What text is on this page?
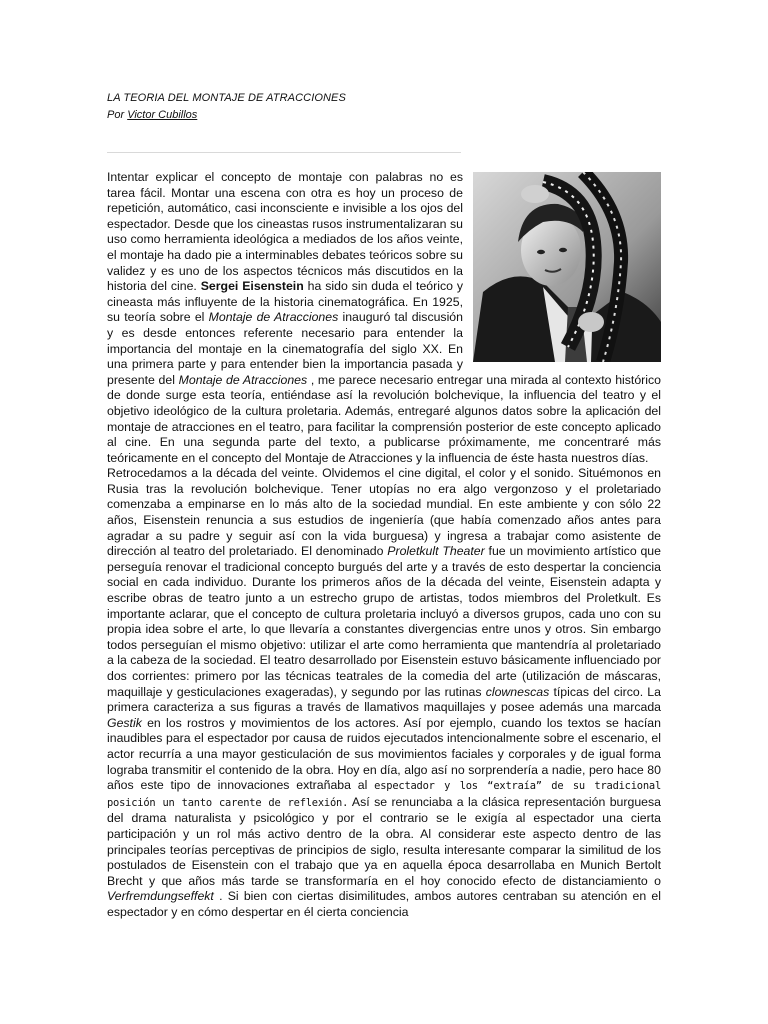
LA TEORIA DEL MONTAJE DE ATRACCIONES
Por Victor Cubillos

Intentar explicar el concepto de montaje con palabras no es tarea fácil. Montar una escena con otra es hoy un proceso de repetición, automático, casi inconsciente e invisible a los ojos del espectador. Desde que los cineastas rusos instrumentalizaran su uso como herramienta ideológica a mediados de los años veinte, el montaje ha dado pie a interminables debates teóricos sobre su validez y es uno de los aspectos técnicos más discutidos en la historia del cine. Sergei Eisenstein ha sido sin duda el teórico y cineasta más influyente de la historia cinematográfica. En 1925, su teoría sobre el Montaje de Atracciones inauguró tal discusión y es desde entonces referente necesario para entender la importancia del montaje en la cinematografía del siglo XX. En una primera parte y para entender bien la importancia pasada y presente del Montaje de Atracciones , me parece necesario entregar una mirada al contexto histórico de donde surge esta teoría, entiéndase así la revolución bolchevique, la influencia del teatro y el objetivo ideológico de la cultura proletaria. Además, entregaré algunos datos sobre la aplicación del montaje de atracciones en el teatro, para facilitar la comprensión posterior de este concepto aplicado al cine. En una segunda parte del texto, a publicarse próximamente, me concentraré más teóricamente en el concepto del Montaje de Atracciones y la influencia de éste hasta nuestros días.

Retrocedamos a la década del veinte. Olvidemos el cine digital, el color y el sonido. Situémonos en Rusia tras la revolución bolchevique. Tener utopías no era algo vergonzoso y el proletariado comenzaba a empinarse en lo más alto de la sociedad mundial. En este ambiente y con sólo 22 años, Eisenstein renuncia a sus estudios de ingeniería (que había comenzado años antes para agradar a su padre y seguir así con la vida burguesa) y ingresa a trabajar como asistente de dirección al teatro del proletariado. El denominado Proletkult Theater fue un movimiento artístico que perseguía renovar el tradicional concepto burgués del arte y a través de esto despertar la conciencia social en cada individuo. Durante los primeros años de la década del veinte, Eisenstein adapta y escribe obras de teatro junto a un estrecho grupo de artistas, todos miembros del Proletkult. Es importante aclarar, que el concepto de cultura proletaria incluyó a diversos grupos, cada uno con su propia idea sobre el arte, lo que llevaría a constantes divergencias entre unos y otros. Sin embargo todos perseguían el mismo objetivo: utilizar el arte como herramienta que mantendría al proletariado a la cabeza de la sociedad. El teatro desarrollado por Eisenstein estuvo básicamente influenciado por dos corrientes: primero por las técnicas teatrales de la comedia del arte (utilización de máscaras, maquillaje y gesticulaciones exageradas), y segundo por las rutinas clownescas típicas del circo. La primera caracteriza a sus figuras a través de llamativos maquillajes y posee además una marcada Gestik en los rostros y movimientos de los actores. Así por ejemplo, cuando los textos se hacían inaudibles para el espectador por causa de ruidos ejecutados intencionalmente sobre el escenario, el actor recurría a una mayor gesticulación de sus movimientos faciales y corporales y de igual forma lograba transmitir el contenido de la obra. Hoy en día, algo así no sorprendería a nadie, pero hace 80 años este tipo de innovaciones extrañaba al espectador y los “extraía” de su tradicional posición un tanto carente de reflexión. Así se renunciaba a la clásica representación burguesa del drama naturalista y psicológico y por el contrario se le exigía al espectador una cierta participación y un rol más activo dentro de la obra. Al considerar este aspecto dentro de las principales teorías perceptivas de principios de siglo, resulta interesante comparar la similitud de los postulados de Eisenstein con el trabajo que ya en aquella época desarrollaba en Munich Bertolt Brecht y que años más tarde se transformaría en el hoy conocido efecto de distanciamiento o Verfremdungseffekt . Si bien con ciertas disimilitudes, ambos autores centraban su atención en el espectador y en cómo despertar en él cierta conciencia
